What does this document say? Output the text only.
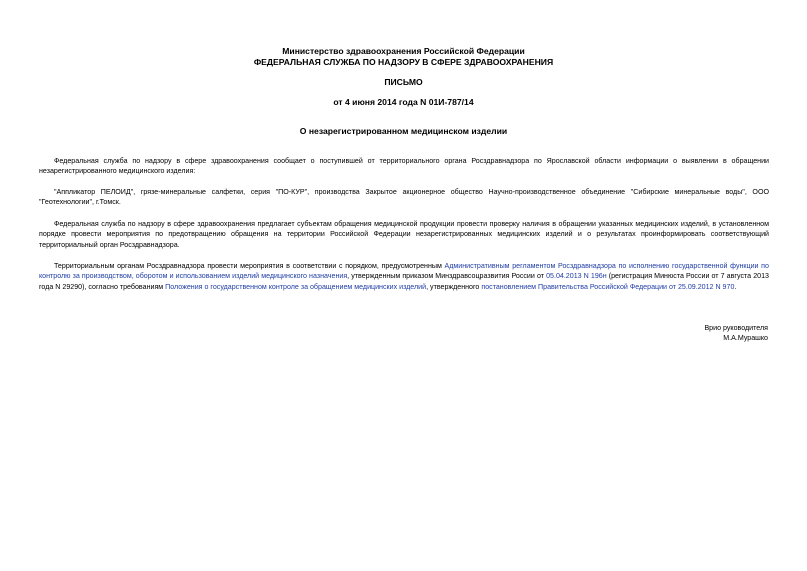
Министерство здравоохранения Российской Федерации
ФЕДЕРАЛЬНАЯ СЛУЖБА ПО НАДЗОРУ В СФЕРЕ ЗДРАВООХРАНЕНИЯ
ПИСЬМО
от 4 июня 2014 года N 01И-787/14
О незарегистрированном медицинском изделии
Федеральная служба по надзору в сфере здравоохранения сообщает о поступившей от территориального органа Росздравнадзора по Ярославской области информации о выявлении в обращении незарегистрированного медицинского изделия:
"Аппликатор ПЕЛОИД", грязе-минеральные салфетки, серия "ПО-КУР", производства Закрытое акционерное общество Научно-производственное объединение "Сибирские минеральные воды", ООО "Геотехнологии", г.Томск.
Федеральная служба по надзору в сфере здравоохранения предлагает субъектам обращения медицинской продукции провести проверку наличия в обращении указанных медицинских изделий, в установленном порядке провести мероприятия по предотвращению обращения на территории Российской Федерации незарегистрированных медицинских изделий и о результатах проинформировать соответствующий территориальный орган Росздравнадзора.
Территориальным органам Росздравнадзора провести мероприятия в соответствии с порядком, предусмотренным Административным регламентом Росздравнадзора по исполнению государственной функции по контролю за производством, оборотом и использованием изделий медицинского назначения, утвержденным приказом Минздравсоцразвития России от 05.04.2013 N 196н (регистрация Минюста России от 7 августа 2013 года N 29290), согласно требованиям Положения о государственном контроле за обращением медицинских изделий, утвержденного постановлением Правительства Российской Федерации от 25.09.2012 N 970.
Врио руководителя
М.А.Мурашко
